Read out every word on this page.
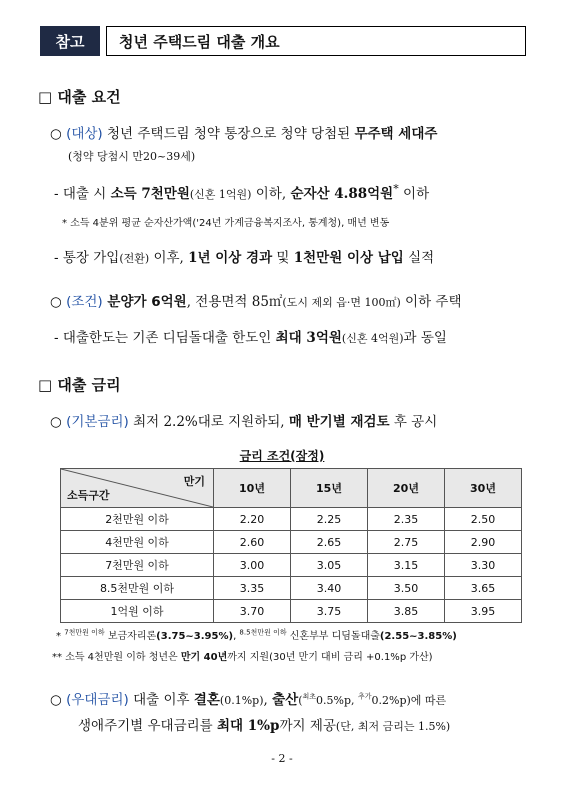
참고	청년 주택드림 대출 개요
□ 대출 요건
○ (대상) 청년 주택드림 청약 통장으로 청약 당첨된 무주택 세대주
(청약 당첨시 만20~39세)
- 대출 시 소득 7천만원(신혼 1억원) 이하, 순자산 4.88억원* 이하
* 소득 4분위 평균 순자산가액('24년 가계금융복지조사, 통계청), 매년 변동
- 통장 가입(전환) 이후, 1년 이상 경과 및 1천만원 이상 납입 실적
○ (조건) 분양가 6억원, 전용면적 85㎡(도시 제외 읍·면 100㎡) 이하 주택
- 대출한도는 기존 디딤돌대출 한도인 최대 3억원(신혼 4억원)과 동일
□ 대출 금리
○ (기본금리) 최저 2.2%대로 지원하되, 매 반기별 재검토 후 공시
금리 조건(잠정)
만기
소득구간	10년	15년	20년	30년
2천만원 이하	2.20	2.25	2.35	2.50
4천만원 이하	2.60	2.65	2.75	2.90
7천만원 이하	3.00	3.05	3.15	3.30
8.5천만원 이하	3.35	3.40	3.50	3.65
1억원 이하	3.70	3.75	3.85	3.95
* $^{7천만원 이하}$ 보금자리론(3.75~3.95%), $^{8.5천만원 이하}$ 신혼부부 디딤돌대출(2.55~3.85%)
** 소득 4천만원 이하 청년은 만기 40년까지 지원(30년 만기 대비 금리 +0.1%p 가산)
○ (우대금리) 대출 이후 결혼(0.1%p), 출산($^{최초}$0.5%p, $^{추가}$0.2%p)에 따른
생애주기별 우대금리를 최대 1%p까지 제공(단, 최저 금리는 1.5%)
- 2 -
